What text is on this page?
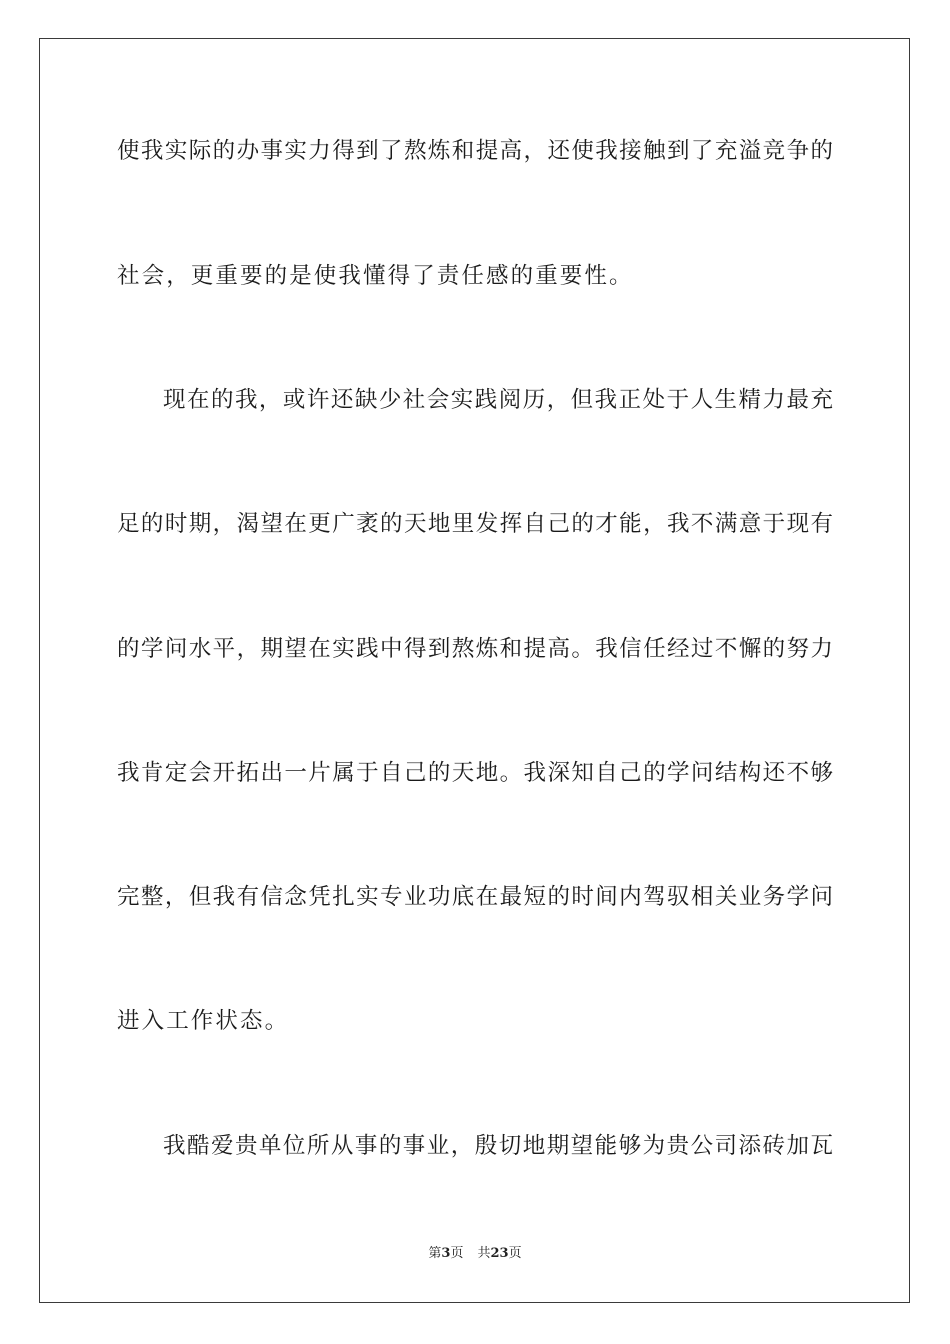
使我实际的办事实力得到了熬炼和提高，还使我接触到了充溢竞争的
社会，更重要的是使我懂得了责任感的重要性。
现在的我，或许还缺少社会实践阅历，但我正处于人生精力最充
足的时期，渴望在更广袤的天地里发挥自己的才能，我不满意于现有
的学问水平，期望在实践中得到熬炼和提高。我信任经过不懈的努力
我肯定会开拓出一片属于自己的天地。我深知自己的学问结构还不够
完整，但我有信念凭扎实专业功底在最短的时间内驾驭相关业务学问
进入工作状态。
我酷爱贵单位所从事的事业，殷切地期望能够为贵公司添砖加瓦
第3页 共23页
